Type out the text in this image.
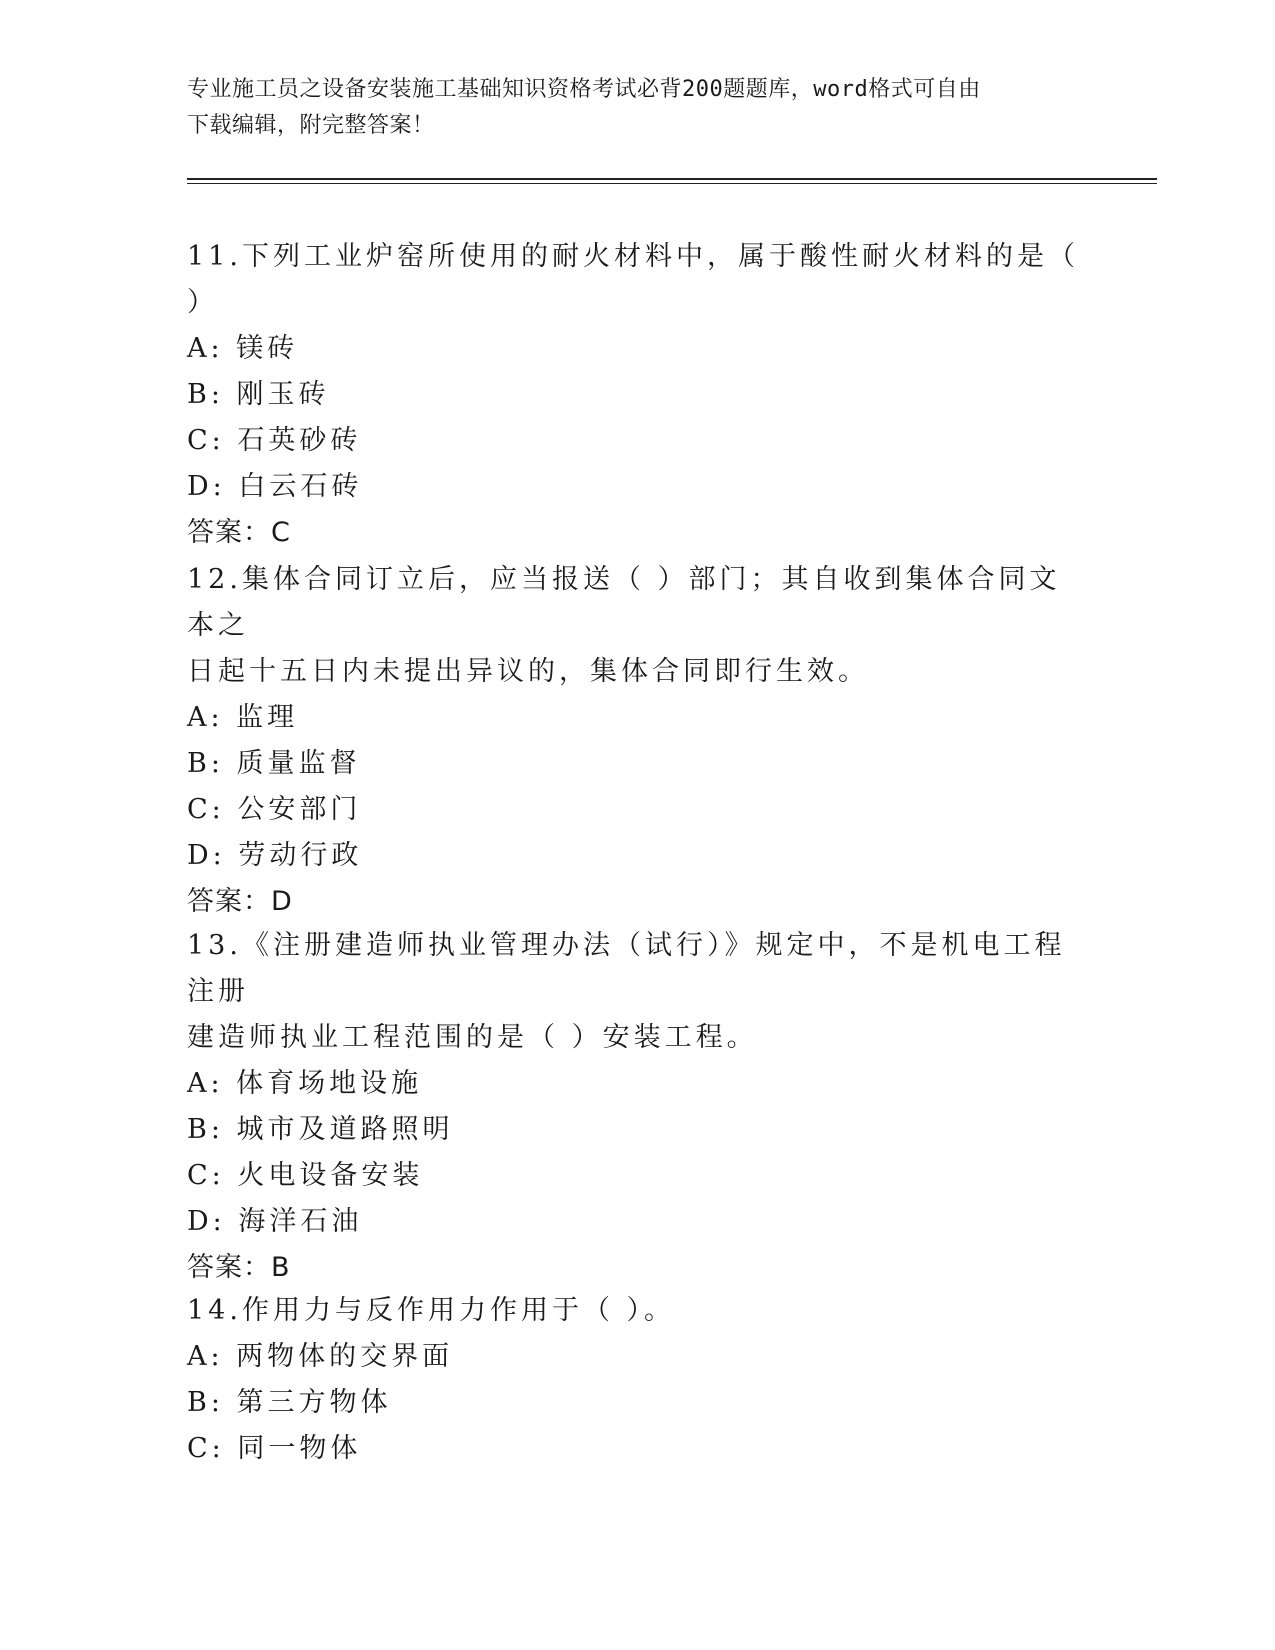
专业施工员之设备安装施工基础知识资格考试必背200题题库，word格式可自由
下载编辑，附完整答案！
11.下列工业炉窑所使用的耐火材料中，属于酸性耐火材料的是（ ）
A: 镁砖
B: 刚玉砖
C: 石英砂砖
D: 白云石砖
答案：C
12.集体合同订立后，应当报送（ ）部门；其自收到集体合同文本之
日起十五日内未提出异议的，集体合同即行生效。
A: 监理
B: 质量监督
C: 公安部门
D: 劳动行政
答案：D
13.《注册建造师执业管理办法（试行）》规定中，不是机电工程注册
建造师执业工程范围的是（ ）安装工程。
A: 体育场地设施
B: 城市及道路照明
C: 火电设备安装
D: 海洋石油
答案：B
14.作用力与反作用力作用于（ ）。
A: 两物体的交界面
B: 第三方物体
C: 同一物体
